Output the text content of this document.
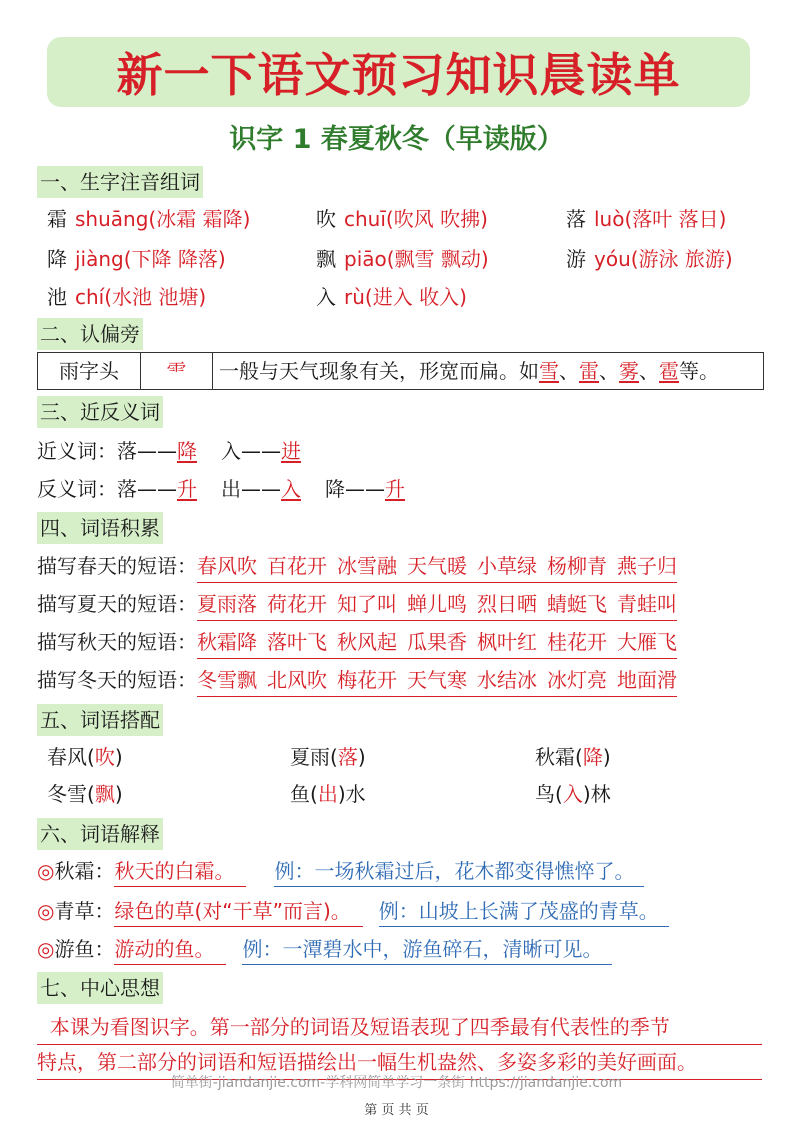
新一下语文预习 知识晨读单
识字 1 春夏秋冬（早读版）
一、生字注音组词
霜 shuāng(冰霜 霜降)	吹 chuī(吹风 吹拂)	落 luò(落叶 落日)
降 jiàng(下降 降落)	飘 piāo(飘雪 飘动)	游 yóu(游泳 旅游)
池 chí(水池 池塘)	入 rù(进入 收入)
二、认偏旁
雨字头	⻗	一般与天气现象有关，形宽而扁。如雪、雷、雾、雹等。
三、近反义词
近义词：落——降 入——进
反义词：落——升 出——入 降——升
四、词语积累
描写春天的短语：春风吹 百花开 冰雪融 天气暖 小草绿 杨柳青 燕子归
描写夏天的短语：夏雨落 荷花开 知了叫 蝉儿鸣 烈日晒 蜻蜓飞 青蛙叫
描写秋天的短语：秋霜降 落叶飞 秋风起 瓜果香 枫叶红 桂花开 大雁飞
描写冬天的短语：冬雪飘 北风吹 梅花开 天气寒 水结冰 冰灯亮 地面滑
五、词语搭配
春风(吹)	夏雨(落)	秋霜(降)
冬雪(飘)	鱼(出)水	鸟(入)林
六、词语解释
◎秋霜：秋天的白霜。 例：一场秋霜过后，花木都变得憔悴了。
◎青草：绿色的草(对“干草”而言)。 例：山坡上长满了茂盛的青草。
◎游鱼：游动的鱼。 例：一潭碧水中，游鱼碎石，清晰可见。
七、中心思想
本课为看图识字。第一部分的词语及短语表现了四季最有代表性的季节
特点，第二部分的词语和短语描绘出一幅生机盎然、多姿多彩的美好画面。
简单街-jiandanjie.com-学科网简单学习一条街 https://jiandanjie.com
第 页 共 页
